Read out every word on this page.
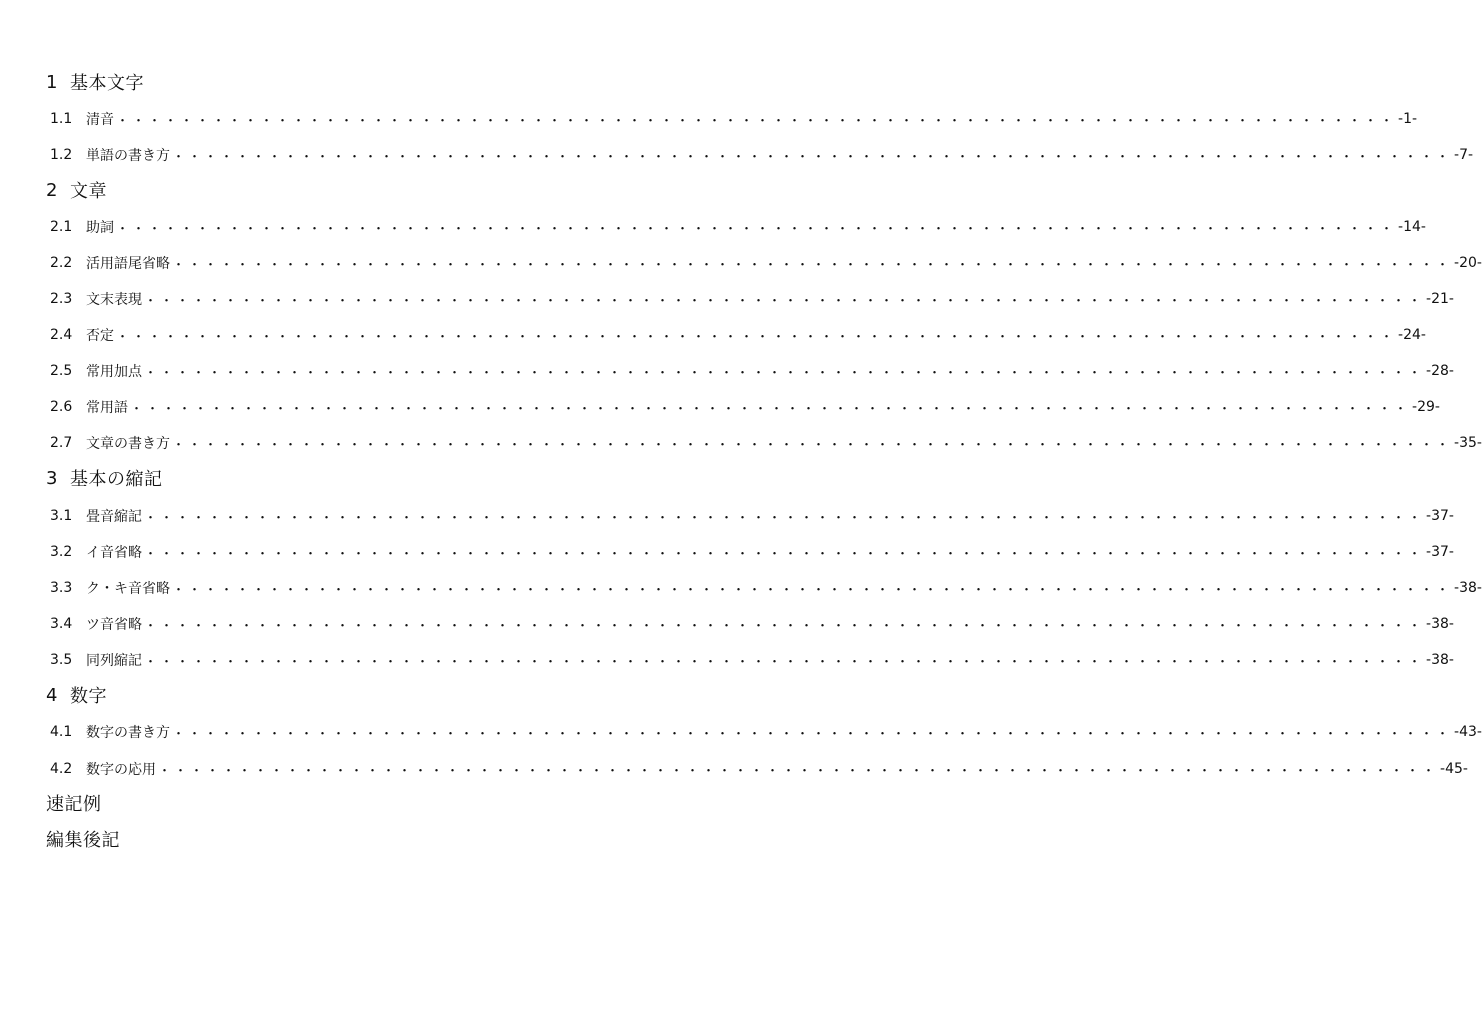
1 基本文字
1.1 清音 ・・・・・・・・・・・・・・・・・・・・・・・・・・・・・・・・・・・・・・・・・・・・・・・・・・・・・・・・・・・・・・・・・・・・・・・・・・・・・・・・ -1-
1.2 単語の書き方 ・・・・・・・・・・・・・・・・・・・・・・・・・・・・・・・・・・・・・・・・・・・・・・・・・・・・・・・・・・・・・・・・・・・・・・・・・・・・・・・・ -7-
2 文章
2.1 助詞 ・・・・・・・・・・・・・・・・・・・・・・・・・・・・・・・・・・・・・・・・・・・・・・・・・・・・・・・・・・・・・・・・・・・・・・・・・・・・・・・・ -14-
2.2 活用語尾省略 ・・・・・・・・・・・・・・・・・・・・・・・・・・・・・・・・・・・・・・・・・・・・・・・・・・・・・・・・・・・・・・・・・・・・・・・・・・・・・・・・ -20-
2.3 文末表現 ・・・・・・・・・・・・・・・・・・・・・・・・・・・・・・・・・・・・・・・・・・・・・・・・・・・・・・・・・・・・・・・・・・・・・・・・・・・・・・・・ -21-
2.4 否定 ・・・・・・・・・・・・・・・・・・・・・・・・・・・・・・・・・・・・・・・・・・・・・・・・・・・・・・・・・・・・・・・・・・・・・・・・・・・・・・・・ -24-
2.5 常用加点 ・・・・・・・・・・・・・・・・・・・・・・・・・・・・・・・・・・・・・・・・・・・・・・・・・・・・・・・・・・・・・・・・・・・・・・・・・・・・・・・・ -28-
2.6 常用語 ・・・・・・・・・・・・・・・・・・・・・・・・・・・・・・・・・・・・・・・・・・・・・・・・・・・・・・・・・・・・・・・・・・・・・・・・・・・・・・・・ -29-
2.7 文章の書き方 ・・・・・・・・・・・・・・・・・・・・・・・・・・・・・・・・・・・・・・・・・・・・・・・・・・・・・・・・・・・・・・・・・・・・・・・・・・・・・・・・ -35-
3 基本の縮記
3.1 畳音縮記 ・・・・・・・・・・・・・・・・・・・・・・・・・・・・・・・・・・・・・・・・・・・・・・・・・・・・・・・・・・・・・・・・・・・・・・・・・・・・・・・・ -37-
3.2 イ音省略 ・・・・・・・・・・・・・・・・・・・・・・・・・・・・・・・・・・・・・・・・・・・・・・・・・・・・・・・・・・・・・・・・・・・・・・・・・・・・・・・・ -37-
3.3 ク・キ音省略 ・・・・・・・・・・・・・・・・・・・・・・・・・・・・・・・・・・・・・・・・・・・・・・・・・・・・・・・・・・・・・・・・・・・・・・・・・・・・・・・・ -38-
3.4 ツ音省略 ・・・・・・・・・・・・・・・・・・・・・・・・・・・・・・・・・・・・・・・・・・・・・・・・・・・・・・・・・・・・・・・・・・・・・・・・・・・・・・・・ -38-
3.5 同列縮記 ・・・・・・・・・・・・・・・・・・・・・・・・・・・・・・・・・・・・・・・・・・・・・・・・・・・・・・・・・・・・・・・・・・・・・・・・・・・・・・・・ -38-
4 数字
4.1 数字の書き方 ・・・・・・・・・・・・・・・・・・・・・・・・・・・・・・・・・・・・・・・・・・・・・・・・・・・・・・・・・・・・・・・・・・・・・・・・・・・・・・・・ -43-
4.2 数字の応用 ・・・・・・・・・・・・・・・・・・・・・・・・・・・・・・・・・・・・・・・・・・・・・・・・・・・・・・・・・・・・・・・・・・・・・・・・・・・・・・・・ -45-
速記例
編集後記
